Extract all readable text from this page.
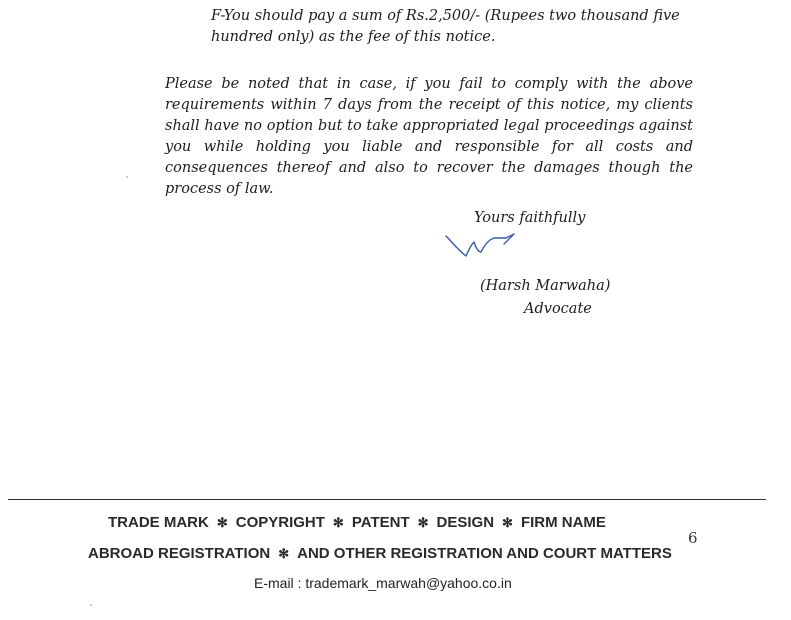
F-You should pay a sum of Rs.2,500/- (Rupees two thousand five hundred only) as the fee of this notice.
Please be noted that in case, if you fail to comply with the above requirements within 7 days from the receipt of this notice, my clients shall have no option but to take appropriated legal proceedings against you while holding you liable and responsible for all costs and consequences thereof and also to recover the damages though the process of law.
Yours faithfully
(Harsh Marwaha)
Advocate
TRADE MARK ✻ COPYRIGHT ✻ PATENT ✻ DESIGN ✻ FIRM NAME
6
ABROAD REGISTRATION ✻ AND OTHER REGISTRATION AND COURT MATTERS
E-mail : trademark_marwah@yahoo.co.in
